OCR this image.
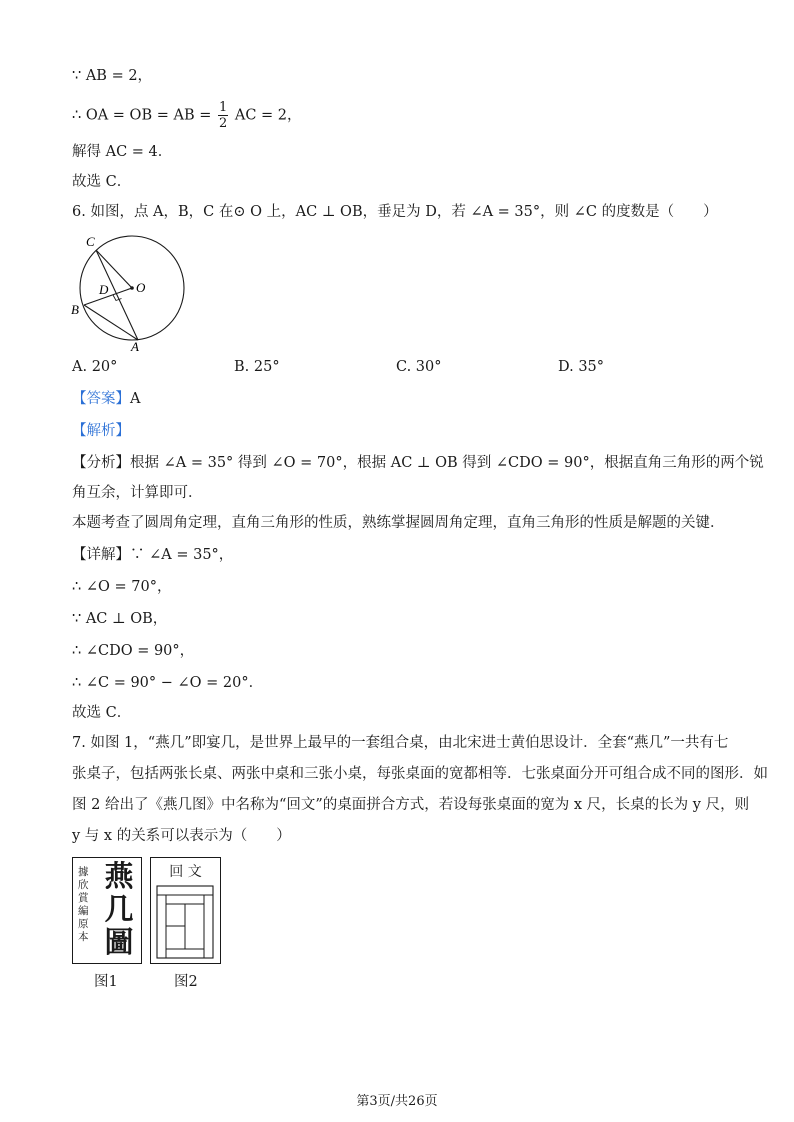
∵ AB = 2，
∴ OA = OB = AB = $\frac{1}{2}$ AC = 2，
解得 AC = 4．
故选 C．
6. 如图，点 A，B，C 在⊙ O 上，AC ⊥ OB，垂足为 D，若 ∠A = 35°，则 ∠C 的度数是（　　）
C
O
D
B
A
A. 20°	B. 25°	C. 30°	D. 35°
【答案】A
【解析】
【分析】根据 ∠A = 35° 得到 ∠O = 70°，根据 AC ⊥ OB 得到 ∠CDO = 90°，根据直角三角形的两个锐
角互余，计算即可．
本题考查了圆周角定理，直角三角形的性质，熟练掌握圆周角定理，直角三角形的性质是解题的关键．
【详解】∵ ∠A = 35°，
∴ ∠O = 70°，
∵ AC ⊥ OB，
∴ ∠CDO = 90°，
∴ ∠C = 90° − ∠O = 20°．
故选 C．
7. 如图 1，“燕几”即宴几，是世界上最早的一套组合桌，由北宋进士黄伯思设计．全套“燕几”一共有七
张桌子，包括两张长桌、两张中桌和三张小桌，每张桌面的宽都相等．七张桌面分开可组合成不同的图形．如
图 2 给出了《燕几图》中名称为“回文”的桌面拼合方式，若设每张桌面的宽为 x 尺，长桌的长为 y 尺，则
y 与 x 的关系可以表示为（　　）
據欣賞編原本
燕几圖
图1
回 文
图2
第3页/共26页
